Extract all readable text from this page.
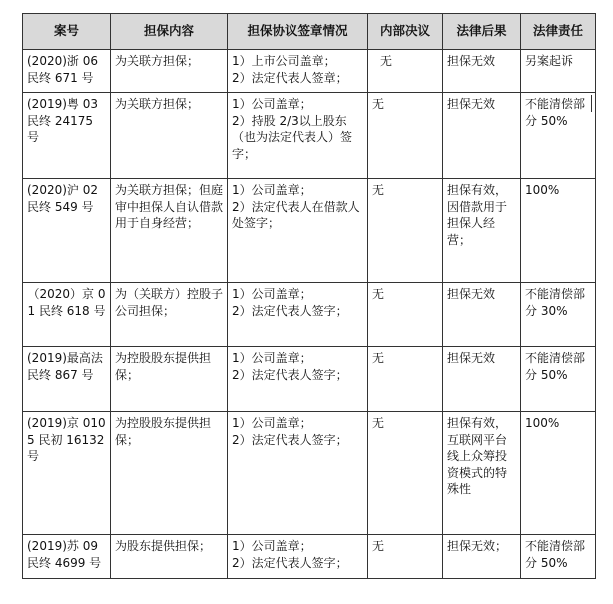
案号	担保内容	担保协议签章情况	内部决议	法律后果	法律责任
(2020)浙 06 民终 671 号	为关联方担保；	1）上市公司盖章；
2）法定代表人签章；	无	担保无效	另案起诉
(2019)粤 03 民终 24175 号	为关联方担保；	1）公司盖章；
2）持股 2/3以上股东（也为法定代表人）签字；	无	担保无效	不能清偿部分 50%
(2020)沪 02 民终 549 号	为关联方担保；但庭审中担保人自认借款用于自身经营；	1）公司盖章；
2）法定代表人在借款人处签字；	无	担保有效，因借款用于担保人经营；	100%
（2020）京 01 民终 618 号	为（关联方）控股子公司担保；	1）公司盖章；
2）法定代表人签字；	无	担保无效	不能清偿部分 30%
(2019)最高法民终 867 号	为控股股东提供担保；	1）公司盖章；
2）法定代表人签字；	无	担保无效	不能清偿部分 50%
(2019)京 0105 民初 16132 号	为控股股东提供担保；	1）公司盖章；
2）法定代表人签字；	无	担保有效，互联网平台线上众筹投资模式的特殊性	100%
(2019)苏 09 民终 4699 号	为股东提供担保；	1）公司盖章；
2）法定代表人签字；	无	担保无效；	不能清偿部分 50%
